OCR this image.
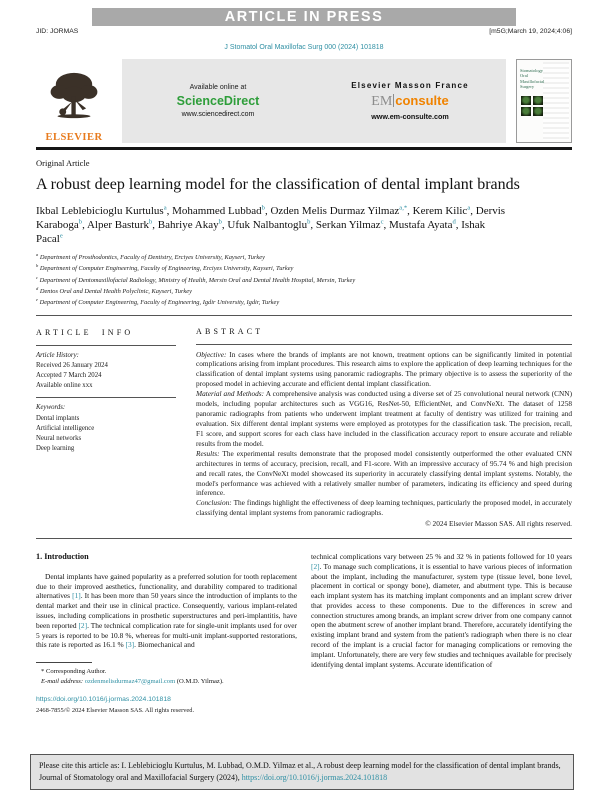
ARTICLE IN PRESS
JID: JORMAS	[m5G;March 19, 2024;4:06]
J Stomatol Oral Maxillofac Surg 000 (2024) 101818
ELSEVIER
Available online at
ScienceDirect
www.sciencedirect.com
Elsevier Masson France
EM consulte
www.em-consulte.com
Stomatology Oral Maxillofacial Surgery
Original Article
A robust deep learning model for the classification of dental implant brands
Ikbal Leblebicioglu Kurtulus$^a$, Mohammed Lubbad$^b$, Ozden Melis Durmaz Yilmaz$^{a,*}$, Kerem Kilic$^a$, Dervis Karaboga$^b$, Alper Basturk$^b$, Bahriye Akay$^b$, Ufuk Nalbantoglu$^b$, Serkan Yilmaz$^c$, Mustafa Ayata$^d$, Ishak Pacal$^e$
$^a$ Department of Prosthodontics, Faculty of Dentistry, Erciyes University, Kayseri, Turkey
$^b$ Department of Computer Engineering, Faculty of Engineering, Erciyes University, Kayseri, Turkey
$^c$ Department of Dentomaxillofacial Radiology, Ministry of Health, Mersin Oral and Dental Health Hospital, Mersin, Turkey
$^d$ Dentos Oral and Dental Health Polyclinic, Kayseri, Turkey
$^e$ Department of Computer Engineering, Faculty of Engineering, Igdir University, Igdir, Turkey
ARTICLE INFO
Article History:
Received 26 January 2024
Accepted 7 March 2024
Available online xxx
Keywords:
Dental implants
Artificial intelligence
Neural networks
Deep learning
ABSTRACT
Objective: In cases where the brands of implants are not known, treatment options can be significantly limited in potential complications arising from implant procedures. This research aims to explore the application of deep learning techniques for the classification of dental implant systems using panoramic radiographs. The primary objective is to assess the superiority of the proposed model in achieving accurate and efficient dental implant classification.
Material and Methods: A comprehensive analysis was conducted using a diverse set of 25 convolutional neural network (CNN) models, including popular architectures such as VGG16, ResNet-50, EfficientNet, and ConvNeXt. The dataset of 1258 panoramic radiographs from patients who underwent implant treatment at faculty of dentistry was utilized for training and evaluation. Six different dental implant systems were employed as prototypes for the classification task. The precision, recall, F1 score, and support scores for each class have included in the classification accuracy report to ensure accurate and reliable results from the model.
Results: The experimental results demonstrate that the proposed model consistently outperformed the other evaluated CNN architectures in terms of accuracy, precision, recall, and F1-score. With an impressive accuracy of 95.74 % and high precision and recall rates, the ConvNeXt model showcased its superiority in accurately classifying dental implant systems. Notably, the model's performance was achieved with a relatively smaller number of parameters, indicating its efficiency and speed during inference.
Conclusion: The findings highlight the effectiveness of deep learning techniques, particularly the proposed model, in accurately classifying dental implant systems from panoramic radiographs.
© 2024 Elsevier Masson SAS. All rights reserved.
1. Introduction
Dental implants have gained popularity as a preferred solution for tooth replacement due to their improved aesthetics, functionality, and durability compared to traditional alternatives [1]. It has been more than 50 years since the introduction of implants to the dental market and their use in clinical practice. Consequently, various implant-related issues, including complications in prosthetic superstructures and peri-implantitis, have been reported [2]. The technical complication rate for single-unit implants used for over 5 years is reported to be 10.8 %, whereas for multi-unit implant-supported restorations, this rate is reported as 16.1 % [3]. Biomechanical and
* Corresponding Author.
E-mail address: ozdenmelisdurmaz47@gmail.com (O.M.D. Yilmaz).
https://doi.org/10.1016/j.jormas.2024.101818
2468-7855/© 2024 Elsevier Masson SAS. All rights reserved.
technical complications vary between 25 % and 32 % in patients followed for 10 years [2]. To manage such complications, it is essential to have various pieces of information about the implant, including the manufacturer, system type (tissue level, bone level, placement in cortical or spongy bone), diameter, and abutment type. This is because each implant system has its matching implant components and an implant screw driver that provides access to these components. Due to the differences in screw and connection structures among brands, an implant screw driver from one company cannot open the abutment screw of another implant brand. Therefore, accurately identifying the existing implant brand and system from the patient's radiograph when there is no clear record of the implant is a crucial factor for managing complications or removing the implant. Unfortunately, there are very few studies and techniques available for precisely identifying dental implant systems. Accurate identification of
Please cite this article as: I. Leblebicioglu Kurtulus, M. Lubbad, O.M.D. Yilmaz et al., A robust deep learning model for the classification of dental implant brands, Journal of Stomatology oral and Maxillofacial Surgery (2024), https://doi.org/10.1016/j.jormas.2024.101818
